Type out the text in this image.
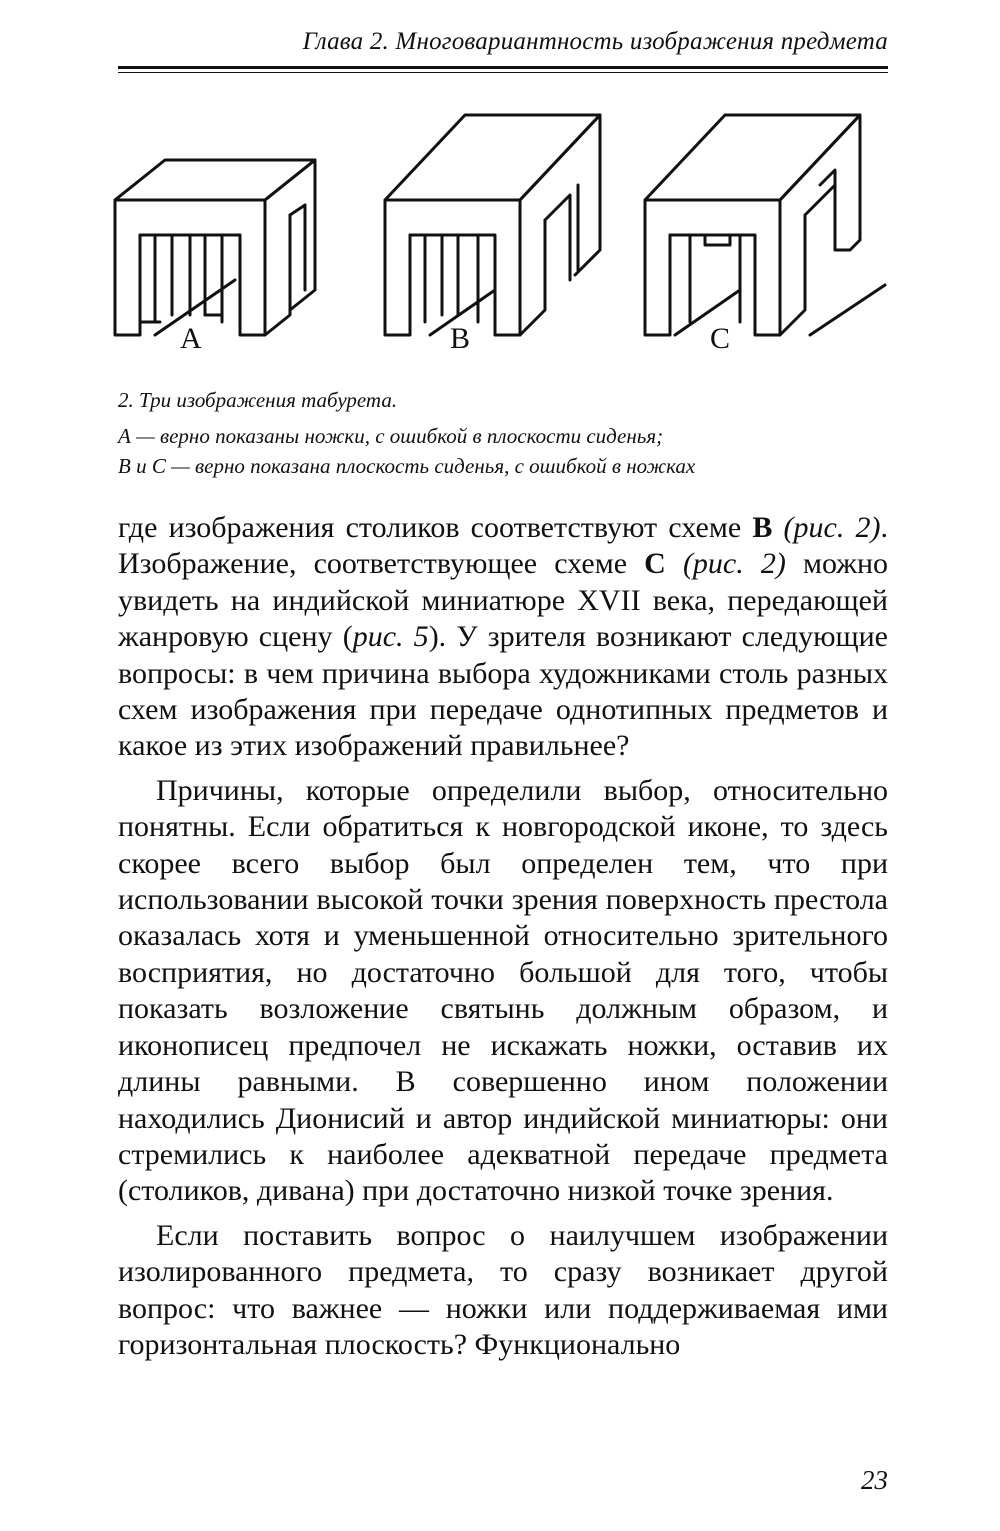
Глава 2. Многовариантность изображения предмета
A	B	C

2. Три изображения табурета.

А — верно показаны ножки, с ошибкой в плоскости сиденья;

В и С — верно показана плоскость сиденья, с ошибкой в ножках

где изображения столиков соответствуют схеме В (рис. 2). Изображение, соответствующее схеме С (рис. 2) можно увидеть на индийской миниатюре XVII века, передающей жанровую сцену (рис. 5). У зрителя возникают следующие вопросы: в чем причина выбора художниками столь разных схем изображения при передаче однотипных предметов и какое из этих изображений правильнее?

Причины, которые определили выбор, относительно понятны. Если обратиться к новгородской иконе, то здесь скорее всего выбор был определен тем, что при использовании высокой точки зрения поверхность престола оказалась хотя и уменьшенной относительно зрительного восприятия, но достаточно большой для того, чтобы показать возложение святынь должным образом, и иконописец предпочел не искажать ножки, оставив их длины равными. В совершенно ином положении находились Дионисий и автор индийской миниатюры: они стремились к наиболее адекватной передаче предмета (столиков, дивана) при достаточно низкой точке зрения.

Если поставить вопрос о наилучшем изображении изолированного предмета, то сразу возникает другой вопрос: что важнее — ножки или поддерживаемая ими горизонтальная плоскость? Функционально

23
